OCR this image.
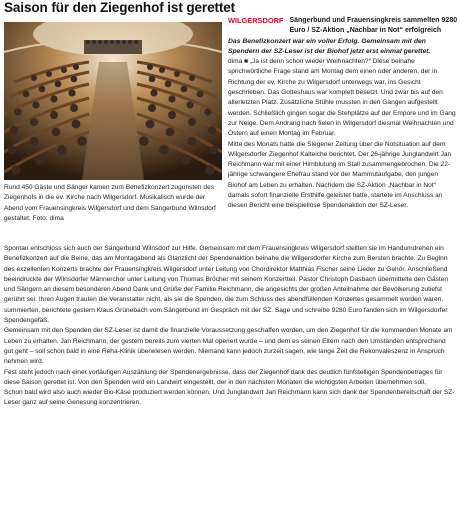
Saison für den Ziegenhof ist gerettet
Rund 450 Gäste und Sänger kamen zum Benefizkonzert zugunsten des Ziegenhofs in die ev. Kirche nach Wilgersdorf. Musikalisch wurde der Abend vom Frauensingkreis Wilgersdorf und dem Sangerbund Wilnsdorf gestaltet. Foto: dima
WILGERSDORF Sängerbund und Frauensingkreis sammelten 9280 Euro / SZ-Aktion „Nachbar in Not“ erfolgreich

Das Benefizkonzert war ein voller Erfolg. Gemeinsam mit den Spendern der SZ-Leser ist der Biohof jetzt erst einmal gerettet.

dima ■ „Ja ist denn schon wieder Weihnachten?“ Diese beinahe sprichwörtliche Frage stand am Montag dem einen oder anderen, der in Richtung der ev. Kirche zu Wilgersdorf unterwegs war, ins Gesicht geschrieben. Das Gotteshaus war komplett besetzt. Und zwar bis auf den allerletzten Platz. Zusätzliche Stühle mussten in den Gängen aufgestellt werden. Schließlich gingen sogar die Stehplätze auf der Empore und im Gang zur Neige. Dem Andrang nach fielen in Wilgersdorf diesmal Weihnachten und Ostern auf einen Montag im Februar.

Mitte des Monats hatte die Siegener Zeitung über die Notsituation auf dem Wilgersdorfer Ziegenhof Kalteiche berichtet. Der 26-jährige Junglandwirt Jan Reichmann war mit einer Hirnblutung im Stall zusammengebrochen. Die 22-jährige schwangere Ehefrau stand vor der Mammutaufgabe, den jungen Biohof am Leben zu erhalten. Nachdem die SZ-Aktion „Nachbar in Not“ damals sofort finanzielle Ersthilfe geleistet hatte, startete im Anschluss an diesen Bericht eine beispiellose Spendenaktion der SZ-Leser.

Spontan entschloss sich auch der Sängerbund Wilnsdorf zur Hilfe. Gemeinsam mit dem Frauensingkreis Wilgersdorf stellten sie im Handumdrehen ein Benefizkonzert auf die Beine, das am Montagabend als Glanzlicht der Spendenaktion beinahe die Wilgersdorfer Kirche zum Bersten brachte. Zu Beginn des exzellenten Konzerts brachte der Frauensingkreis Wilgersdorf unter Leitung von Chordirektor Matthias Fischer seine Lieder zu Gehör. Anschließend beeindruckte der Wilnsdorfer Männerchor unter Leitung von Thomas Bröcher mit seinem Konzertteil. Pastor Christoph Dasbach übermittelte den Gästen und Sängern an diesem besonderen Abend Dank und Grüße der Familie Reichmann, die angesichts der großen Anteilnahme der Bevölkerung zutiefst gerührt sei. Ihren Augen trauten die Veranstalter nicht, als sie die Spenden, die zum Schluss des abendfüllenden Konzertes gesammelt worden waren, summierten, berichtete gestern Klaus Grünebach vom Sängerbund im Gespräch mit der SZ. Sage und schreibe 9280 Euro fanden sich im Wilgersdorfer Spendengefäß.

Gemeinsam mit den Spenden der SZ-Leser ist damit die finanzielle Voraussetzung geschaffen worden, um den Ziegenhof für die kommenden Monate am Leben zu erhalten. Jan Reichmann, der gestern bereits zum vierten Mal operiert wurde – und dem es seinen Eltern nach den Umständen entsprechend gut geht – soll schon bald in eine Reha-Klinik überwiesen werden. Niemand kann jedoch zurzeit sagen, wie lange Zeit die Rekonvaleszenz in Anspruch nehmen wird.

Fest steht jedoch nach einer vorläufigen Auszählung der Spendenergebnisse, dass der Ziegenhof dank des deutlich fünfstelligen Spendenbetrages für diese Saison gerettet ist. Von den Spenden wird ein Landwirt eingestellt, der in den nächsten Monaten die wichtigsten Arbeiten übernehmen soll.

Schon bald wird also auch wieder Bio-Käse produziert werden können. Und Junglandwirt Jan Reichmann kann sich dank der Spendenbereitschaft der SZ-Leser ganz auf seine Genesung konzentrieren.
